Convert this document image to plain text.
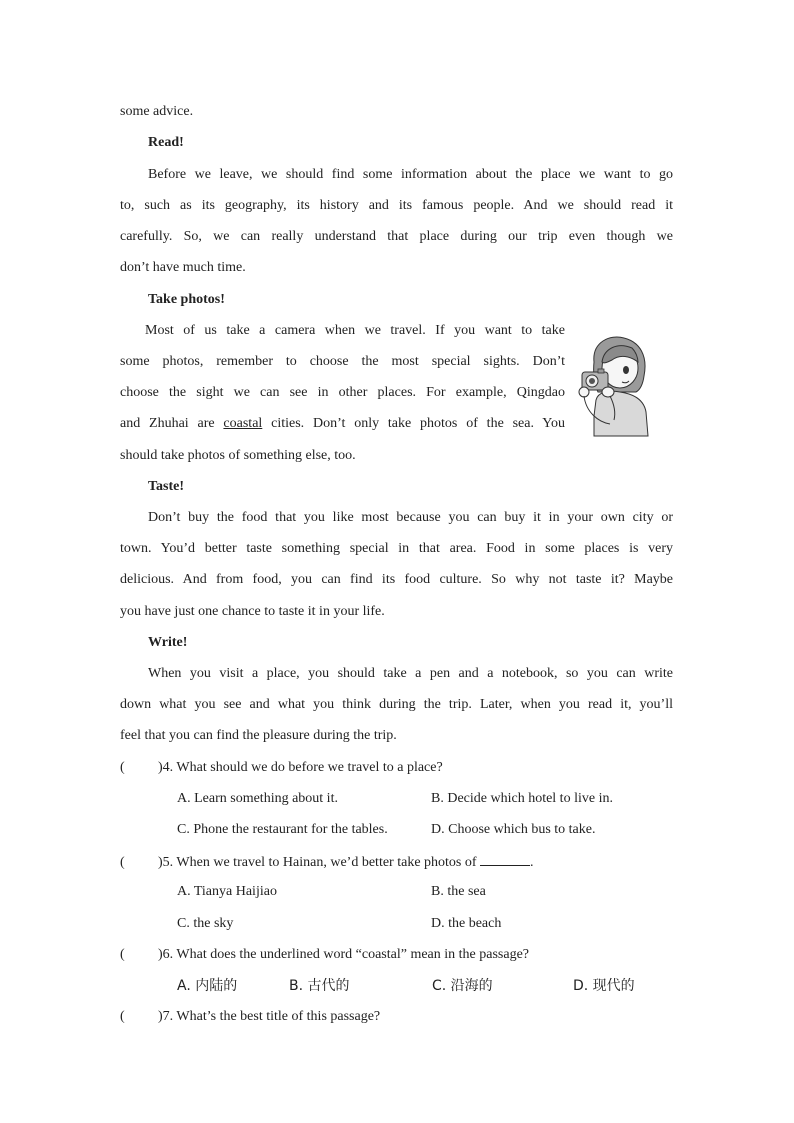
some advice.
Read!
Before we leave, we should find some information about the place we want to go
to, such as its geography, its history and its famous people. And we should read it
carefully. So, we can really understand that place during our trip even though we
don’t have much time.
Take photos!
Most of us take a camera when we travel. If you want to take
some photos, remember to choose the most special sights. Don’t
choose the sight we can see in other places. For example, Qingdao
and Zhuhai are coastal cities. Don’t only take photos of the sea. You
should take photos of something else, too.
Taste!
Don’t buy the food that you like most because you can buy it in your own city or
town. You’d better taste something special in that area. Food in some places is very
delicious. And from food, you can find its food culture. So why not taste it? Maybe
you have just one chance to taste it in your life.
Write!
When you visit a place, you should take a pen and a notebook, so you can write
down what you see and what you think during the trip. Later, when you read it, you’ll
feel that you can find the pleasure during the trip.
( )4. What should we do before we travel to a place?
A. Learn something about it.	B. Decide which hotel to live in.
C. Phone the restaurant for the tables.	D. Choose which bus to take.
( )5. When we travel to Hainan, we’d better take photos of	.
A. Tianya Haijiao	B. the sea
C. the sky	D. the beach
( )6. What does the underlined word “coastal” mean in the passage?
A. 内陆的	B. 古代的	C. 沿海的	D. 现代的
( )7. What’s the best title of this passage?
